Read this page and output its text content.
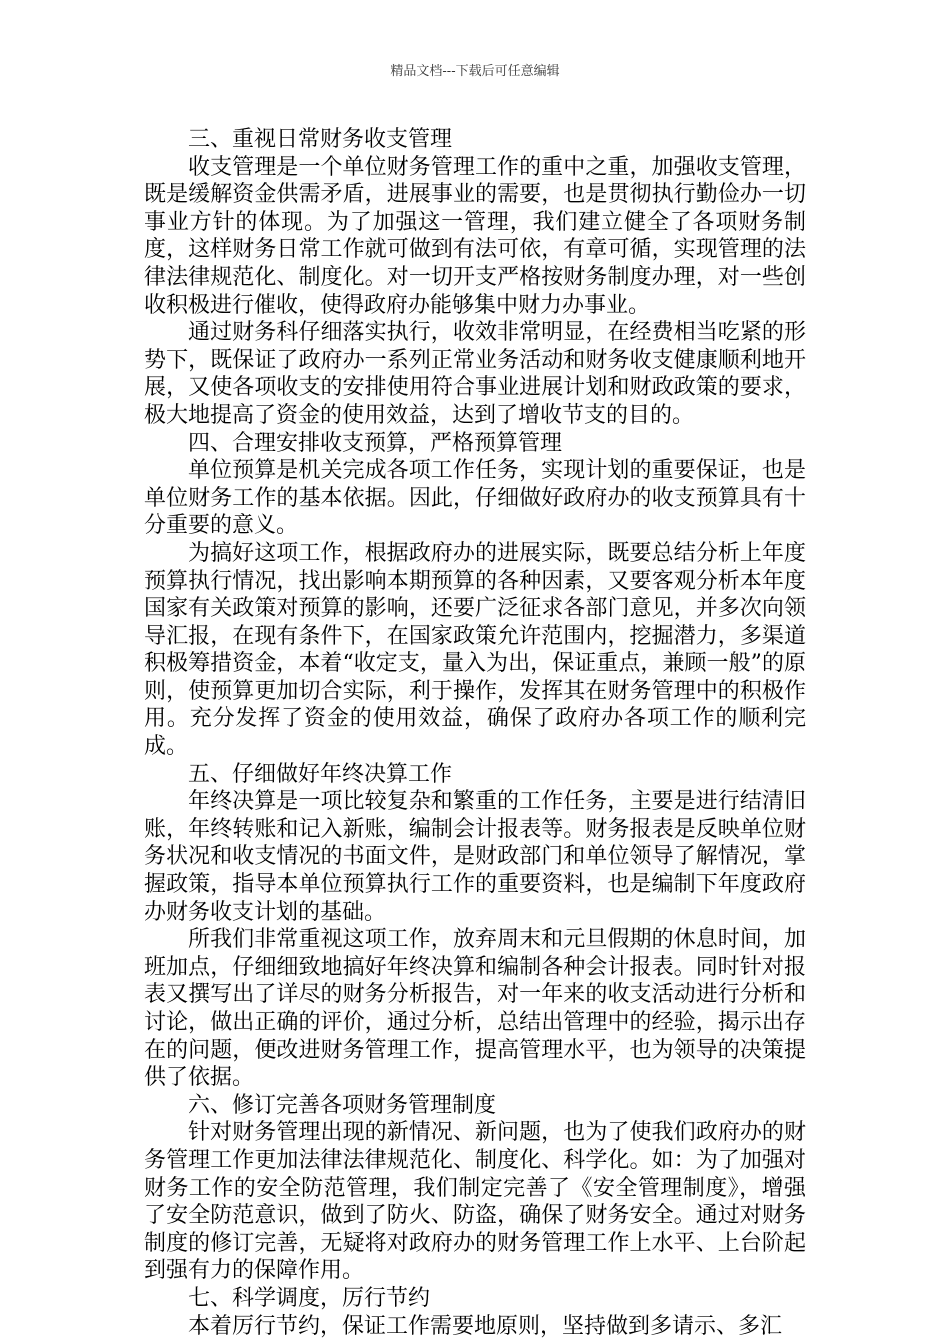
精品文档---下载后可任意编辑

三、重视日常财务收支管理

收支管理是一个单位财务管理工作的重中之重，加强收支管理，既是缓解资金供需矛盾，进展事业的需要，也是贯彻执行勤俭办一切事业方针的体现。为了加强这一管理，我们建立健全了各项财务制度，这样财务日常工作就可做到有法可依，有章可循，实现管理的法律法律规范化、制度化。对一切开支严格按财务制度办理，对一些创收积极进行催收，使得政府办能够集中财力办事业。

通过财务科仔细落实执行，收效非常明显，在经费相当吃紧的形势下，既保证了政府办一系列正常业务活动和财务收支健康顺利地开展，又使各项收支的安排使用符合事业进展计划和财政政策的要求，极大地提高了资金的使用效益，达到了增收节支的目的。

四、合理安排收支预算，严格预算管理

单位预算是机关完成各项工作任务，实现计划的重要保证，也是单位财务工作的基本依据。因此，仔细做好政府办的收支预算具有十分重要的意义。

为搞好这项工作，根据政府办的进展实际，既要总结分析上年度预算执行情况，找出影响本期预算的各种因素，又要客观分析本年度国家有关政策对预算的影响，还要广泛征求各部门意见，并多次向领导汇报，在现有条件下，在国家政策允许范围内，挖掘潜力，多渠道积极筹措资金，本着“收定支，量入为出，保证重点，兼顾一般”的原则，使预算更加切合实际，利于操作，发挥其在财务管理中的积极作用。充分发挥了资金的使用效益，确保了政府办各项工作的顺利完成。

五、仔细做好年终决算工作

年终决算是一项比较复杂和繁重的工作任务，主要是进行结清旧账，年终转账和记入新账，编制会计报表等。财务报表是反映单位财务状况和收支情况的书面文件，是财政部门和单位领导了解情况，掌握政策，指导本单位预算执行工作的重要资料，也是编制下年度政府办财务收支计划的基础。

所我们非常重视这项工作，放弃周末和元旦假期的休息时间，加班加点，仔细细致地搞好年终决算和编制各种会计报表。同时针对报表又撰写出了详尽的财务分析报告，对一年来的收支活动进行分析和讨论，做出正确的评价，通过分析，总结出管理中的经验，揭示出存在的问题，便改进财务管理工作，提高管理水平，也为领导的决策提供了依据。

六、修订完善各项财务管理制度

针对财务管理出现的新情况、新问题，也为了使我们政府办的财务管理工作更加法律法律规范化、制度化、科学化。如：为了加强对财务工作的安全防范管理，我们制定完善了《安全管理制度》，增强了安全防范意识，做到了防火、防盗，确保了财务安全。通过对财务制度的修订完善，无疑将对政府办的财务管理工作上水平、上台阶起到强有力的保障作用。

七、科学调度，厉行节约

本着厉行节约，保证工作需要地原则，坚持做到多请示、多汇
